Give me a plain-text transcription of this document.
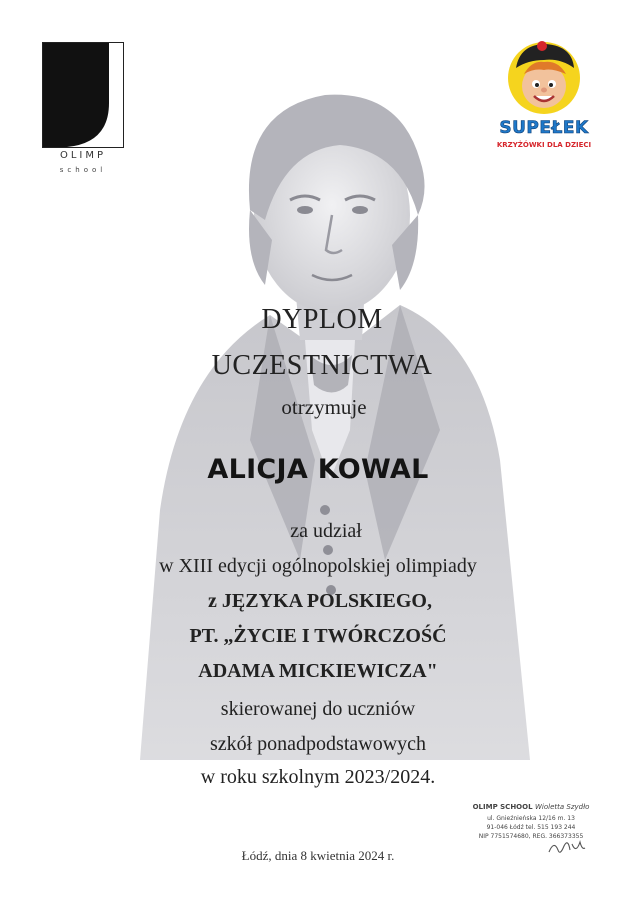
OLIMP
school
SUPEŁEK
KRZYŻÓWKI DLA DZIECI
DYPLOM
UCZESTNICTWA
otrzymuje
ALICJA KOWAL
za udział
w XIII edycji ogólnopolskiej olimpiady
z JĘZYKA POLSKIEGO,
PT. „ŻYCIE I TWÓRCZOŚĆ
ADAMA MICKIEWICZA"
skierowanej do uczniów
szkół ponadpodstawowych
w roku szkolnym 2023/2024.
Łódź, dnia 8 kwietnia 2024 r.
OLIMP SCHOOL Wioletta Szydło
ul. Gnieźnieńska 12/16 m. 13
91-046 Łódź tel. 515 193 244
NIP 7751574680, REG. 366373355
